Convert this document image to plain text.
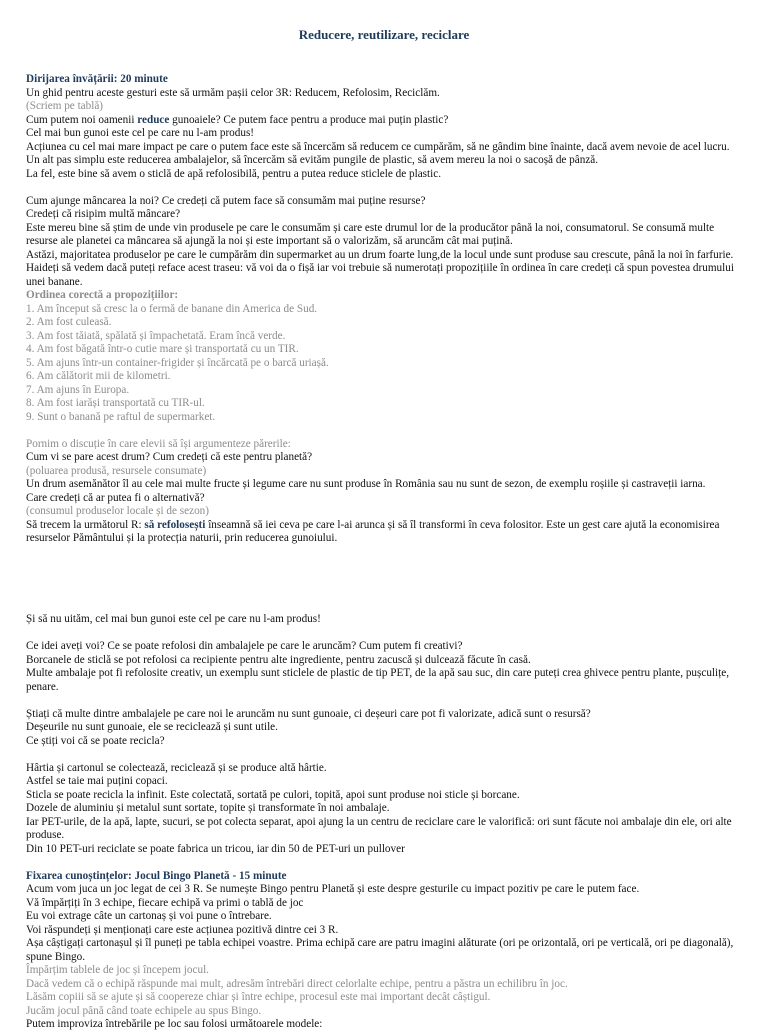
Reducere, reutilizare, reciclare
Dirijarea învățării: 20 minute

Un ghid pentru aceste gesturi este să urmăm pașii celor 3R: Reducem, Refolosim, Reciclăm.

(Scriem pe tablă)

Cum putem noi oamenii reduce gunoaiele? Ce putem face pentru a produce mai puțin plastic?

Cel mai bun gunoi este cel pe care nu l-am produs!

Acțiunea cu cel mai mare impact pe care o putem face este să încercăm să reducem ce cumpărăm, să ne gândim bine înainte, dacă avem nevoie de acel lucru.

Un alt pas simplu este reducerea ambalajelor, să încercăm să evităm pungile de plastic, să avem mereu la noi o sacoșă de pânză.

La fel, este bine să avem o sticlă de apă refolosibilă, pentru a putea reduce sticlele de plastic.

Cum ajunge mâncarea la noi? Ce credeți că putem face să consumăm mai puține resurse?

Credeți că risipim multă mâncare?

Este mereu bine să știm de unde vin produsele pe care le consumăm și care este drumul lor de la producător până la noi, consumatorul. Se consumă multe resurse ale planetei ca mâncarea să ajungă la noi și este important să o valorizăm, să aruncăm cât mai puțină.

Astăzi, majoritatea produselor pe care le cumpărăm din supermarket au un drum foarte lung,de la locul unde sunt produse sau crescute, până la noi în farfurie.

Haideți să vedem dacă puteți reface acest traseu: vă voi da o fișă iar voi trebuie să numerotați propozițiile în ordinea în care credeți că spun povestea drumului unei banane.

Ordinea corectă a propozițiilor:

1. Am început să cresc la o fermă de banane din America de Sud.

2. Am fost culeasă.

3. Am fost tăiată, spălată și împachetată. Eram încă verde.

4. Am fost băgată într-o cutie mare și transportată cu un TIR.

5. Am ajuns într-un container-frigider și încărcată pe o barcă uriașă.

6. Am călătorit mii de kilometri.

7. Am ajuns în Europa.

8. Am fost iarăși transportată cu TIR-ul.

9. Sunt o banană pe raftul de supermarket.

Pornim o discuție în care elevii să își argumenteze părerile:

Cum vi se pare acest drum? Cum credeți că este pentru planetă?

(poluarea produsă, resursele consumate)

Un drum asemănător îl au cele mai multe fructe și legume care nu sunt produse în România sau nu sunt de sezon, de exemplu roșiile și castraveții iarna.

Care credeți că ar putea fi o alternativă?

(consumul produselor locale și de sezon)

Să trecem la următorul R: să refolosești înseamnă să iei ceva pe care l-ai arunca și să îl transformi în ceva folositor. Este un gest care ajută la economisirea resurselor Pământului și la protecția naturii, prin reducerea gunoiului.

Și să nu uităm, cel mai bun gunoi este cel pe care nu l-am produs!

Ce idei aveți voi? Ce se poate refolosi din ambalajele pe care le aruncăm? Cum putem fi creativi?

Borcanele de sticlă se pot refolosi ca recipiente pentru alte ingrediente, pentru zacuscă și dulcează făcute în casă.

Multe ambalaje pot fi refolosite creativ, un exemplu sunt sticlele de plastic de tip PET, de la apă sau suc, din care puteți crea ghivece pentru plante, pușculițe, penare.

Știați că multe dintre ambalajele pe care noi le aruncăm nu sunt gunoaie, ci deșeuri care pot fi valorizate, adică sunt o resursă?

Deșeurile nu sunt gunoaie, ele se reciclează și sunt utile.

Ce știți voi că se poate recicla?

Hârtia și cartonul se colectează, reciclează și se produce altă hârtie.

Astfel se taie mai puțini copaci.

Sticla se poate recicla la infinit. Este colectată, sortată pe culori, topită, apoi sunt produse noi sticle și borcane.

Dozele de aluminiu și metalul sunt sortate, topite și transformate în noi ambalaje.

Iar PET-urile, de la apă, lapte, sucuri, se pot colecta separat, apoi ajung la un centru de reciclare care le valorifică: ori sunt făcute noi ambalaje din ele, ori alte produse.

Din 10 PET-uri reciclate se poate fabrica un tricou, iar din 50 de PET-uri un pullover

Fixarea cunoștințelor: Jocul Bingo Planetă - 15 minute

Acum vom juca un joc legat de cei 3 R. Se numește Bingo pentru Planetă și este despre gesturile cu impact pozitiv pe care le putem face.

Vă împărțiți în 3 echipe, fiecare echipă va primi o tablă de joc

Eu voi extrage câte un cartonaș și voi pune o întrebare.

Voi răspundeți și menționați care este acțiunea pozitivă dintre cei 3 R.

Așa câștigați cartonașul și îl puneți pe tabla echipei voastre. Prima echipă care are patru imagini alăturate (ori pe orizontală, ori pe verticală, ori pe diagonală), spune Bingo.

Împărțim tablele de joc și începem jocul.

Dacă vedem că o echipă răspunde mai mult, adresăm întrebări direct celorlalte echipe, pentru a păstra un echilibru în joc.

Lăsăm copiii să se ajute și să coopereze chiar și între echipe, procesul este mai important decât câștigul.

Jucăm jocul până când toate echipele au spus Bingo.

Putem improviza întrebările pe loc sau folosi următoarele modele:
